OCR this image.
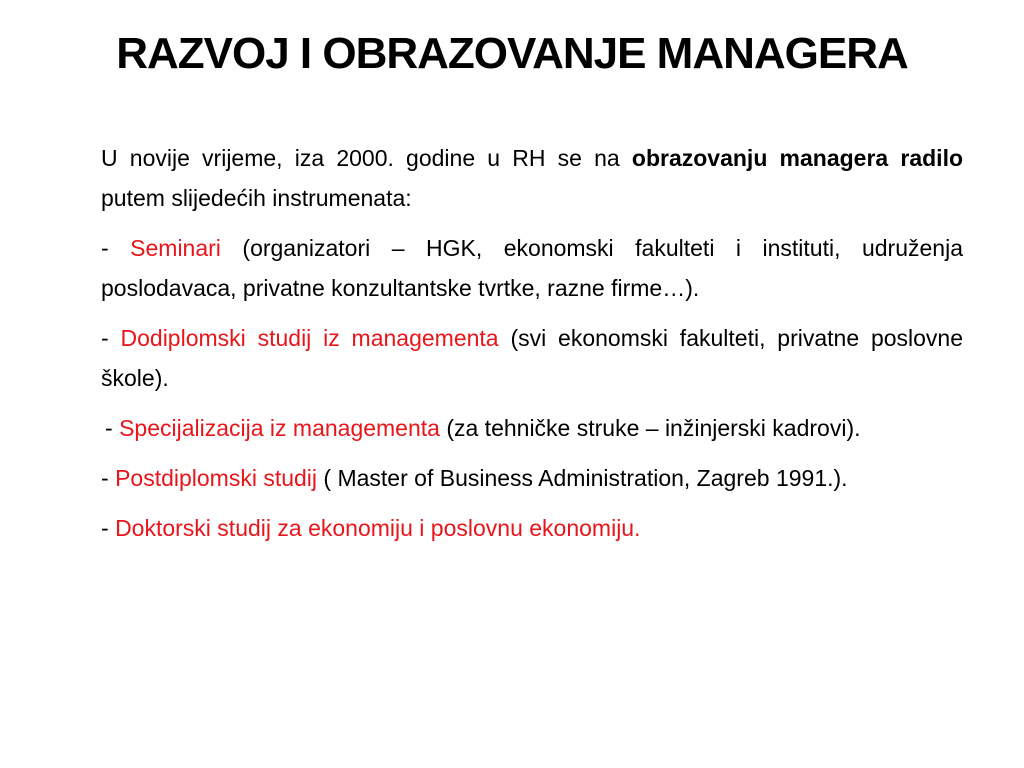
RAZVOJ I OBRAZOVANJE MANAGERA

U novije vrijeme, iza 2000. godine u RH se na obrazovanju managera radilo putem slijedećih instrumenata:

- Seminari (organizatori – HGK, ekonomski fakulteti i instituti, udruženja poslodavaca, privatne konzultantske tvrtke, razne firme…).

- Dodiplomski studij iz managementa (svi ekonomski fakulteti, privatne poslovne škole).

- Specijalizacija iz managementa (za tehničke struke – inžinjerski kadrovi).

- Postdiplomski studij ( Master of Business Administration, Zagreb 1991.).

- Doktorski studij za ekonomiju i poslovnu ekonomiju.
